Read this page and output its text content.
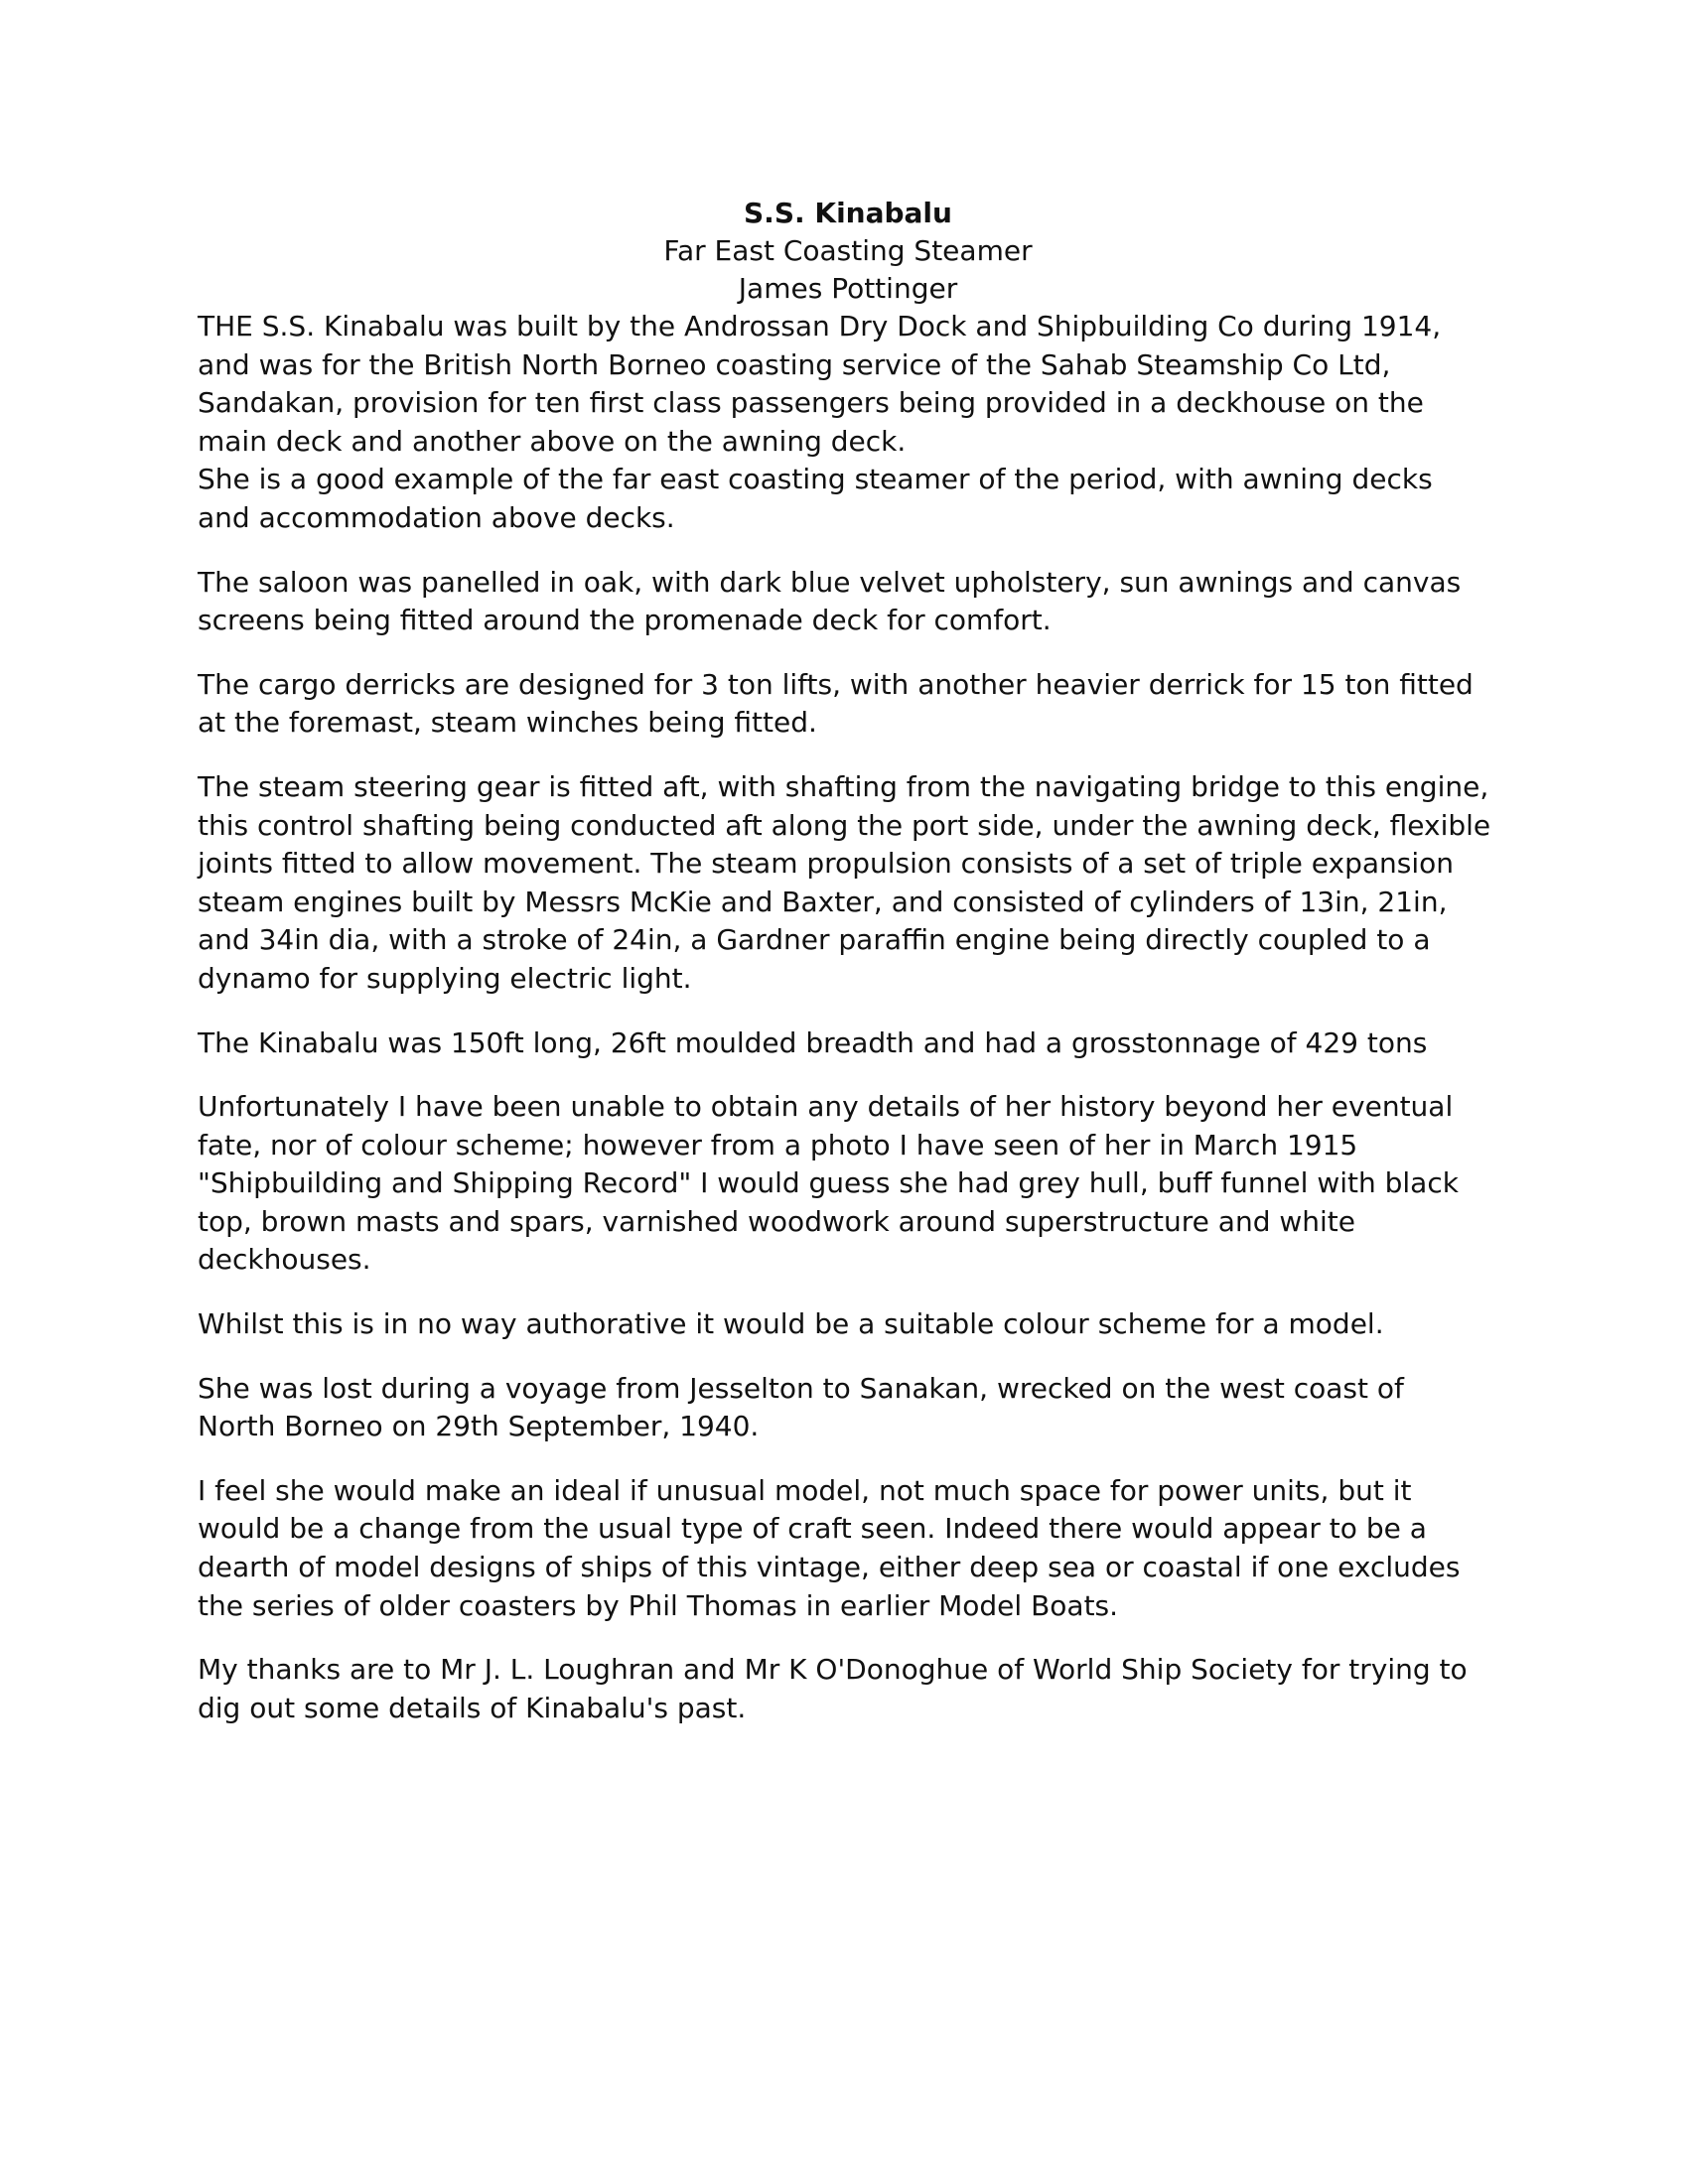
S.S. Kinabalu
Far East Coasting Steamer
James Pottinger
THE S.S. Kinabalu was built by the Androssan Dry Dock and Shipbuilding Co during 1914,
and was for the British North Borneo coasting service of the Sahab Steamship Co Ltd,
Sandakan, provision for ten first class passengers being provided in a deckhouse on the
main deck and another above on the awning deck.
She is a good example of the far east coasting steamer of the period, with awning decks
and accommodation above decks.
The saloon was panelled in oak, with dark blue velvet upholstery, sun awnings and canvas
screens being fitted around the promenade deck for comfort.
The cargo derricks are designed for 3 ton lifts, with another heavier derrick for 15 ton fitted
at the foremast, steam winches being fitted.
The steam steering gear is fitted aft, with shafting from the navigating bridge to this engine,
this control shafting being conducted aft along the port side, under the awning deck, flexible
joints fitted to allow movement. The steam propulsion consists of a set of triple expansion
steam engines built by Messrs McKie and Baxter, and consisted of cylinders of 13in, 21in,
and 34in dia, with a stroke of 24in, a Gardner paraffin engine being directly coupled to a
dynamo for supplying electric light.
The Kinabalu was 150ft long, 26ft moulded breadth and had a grosstonnage of 429 tons
Unfortunately I have been unable to obtain any details of her history beyond her eventual
fate, nor of colour scheme; however from a photo I have seen of her in March 1915
"Shipbuilding and Shipping Record" I would guess she had grey hull, buff funnel with black
top, brown masts and spars, varnished woodwork around superstructure and white
deckhouses.
Whilst this is in no way authorative it would be a suitable colour scheme for a model.
She was lost during a voyage from Jesselton to Sanakan, wrecked on the west coast of
North Borneo on 29th September, 1940.
I feel she would make an ideal if unusual model, not much space for power units, but it
would be a change from the usual type of craft seen. Indeed there would appear to be a
dearth of model designs of ships of this vintage, either deep sea or coastal if one excludes
the series of older coasters by Phil Thomas in earlier Model Boats.
My thanks are to Mr J. L. Loughran and Mr K O'Donoghue of World Ship Society for trying to
dig out some details of Kinabalu's past.
